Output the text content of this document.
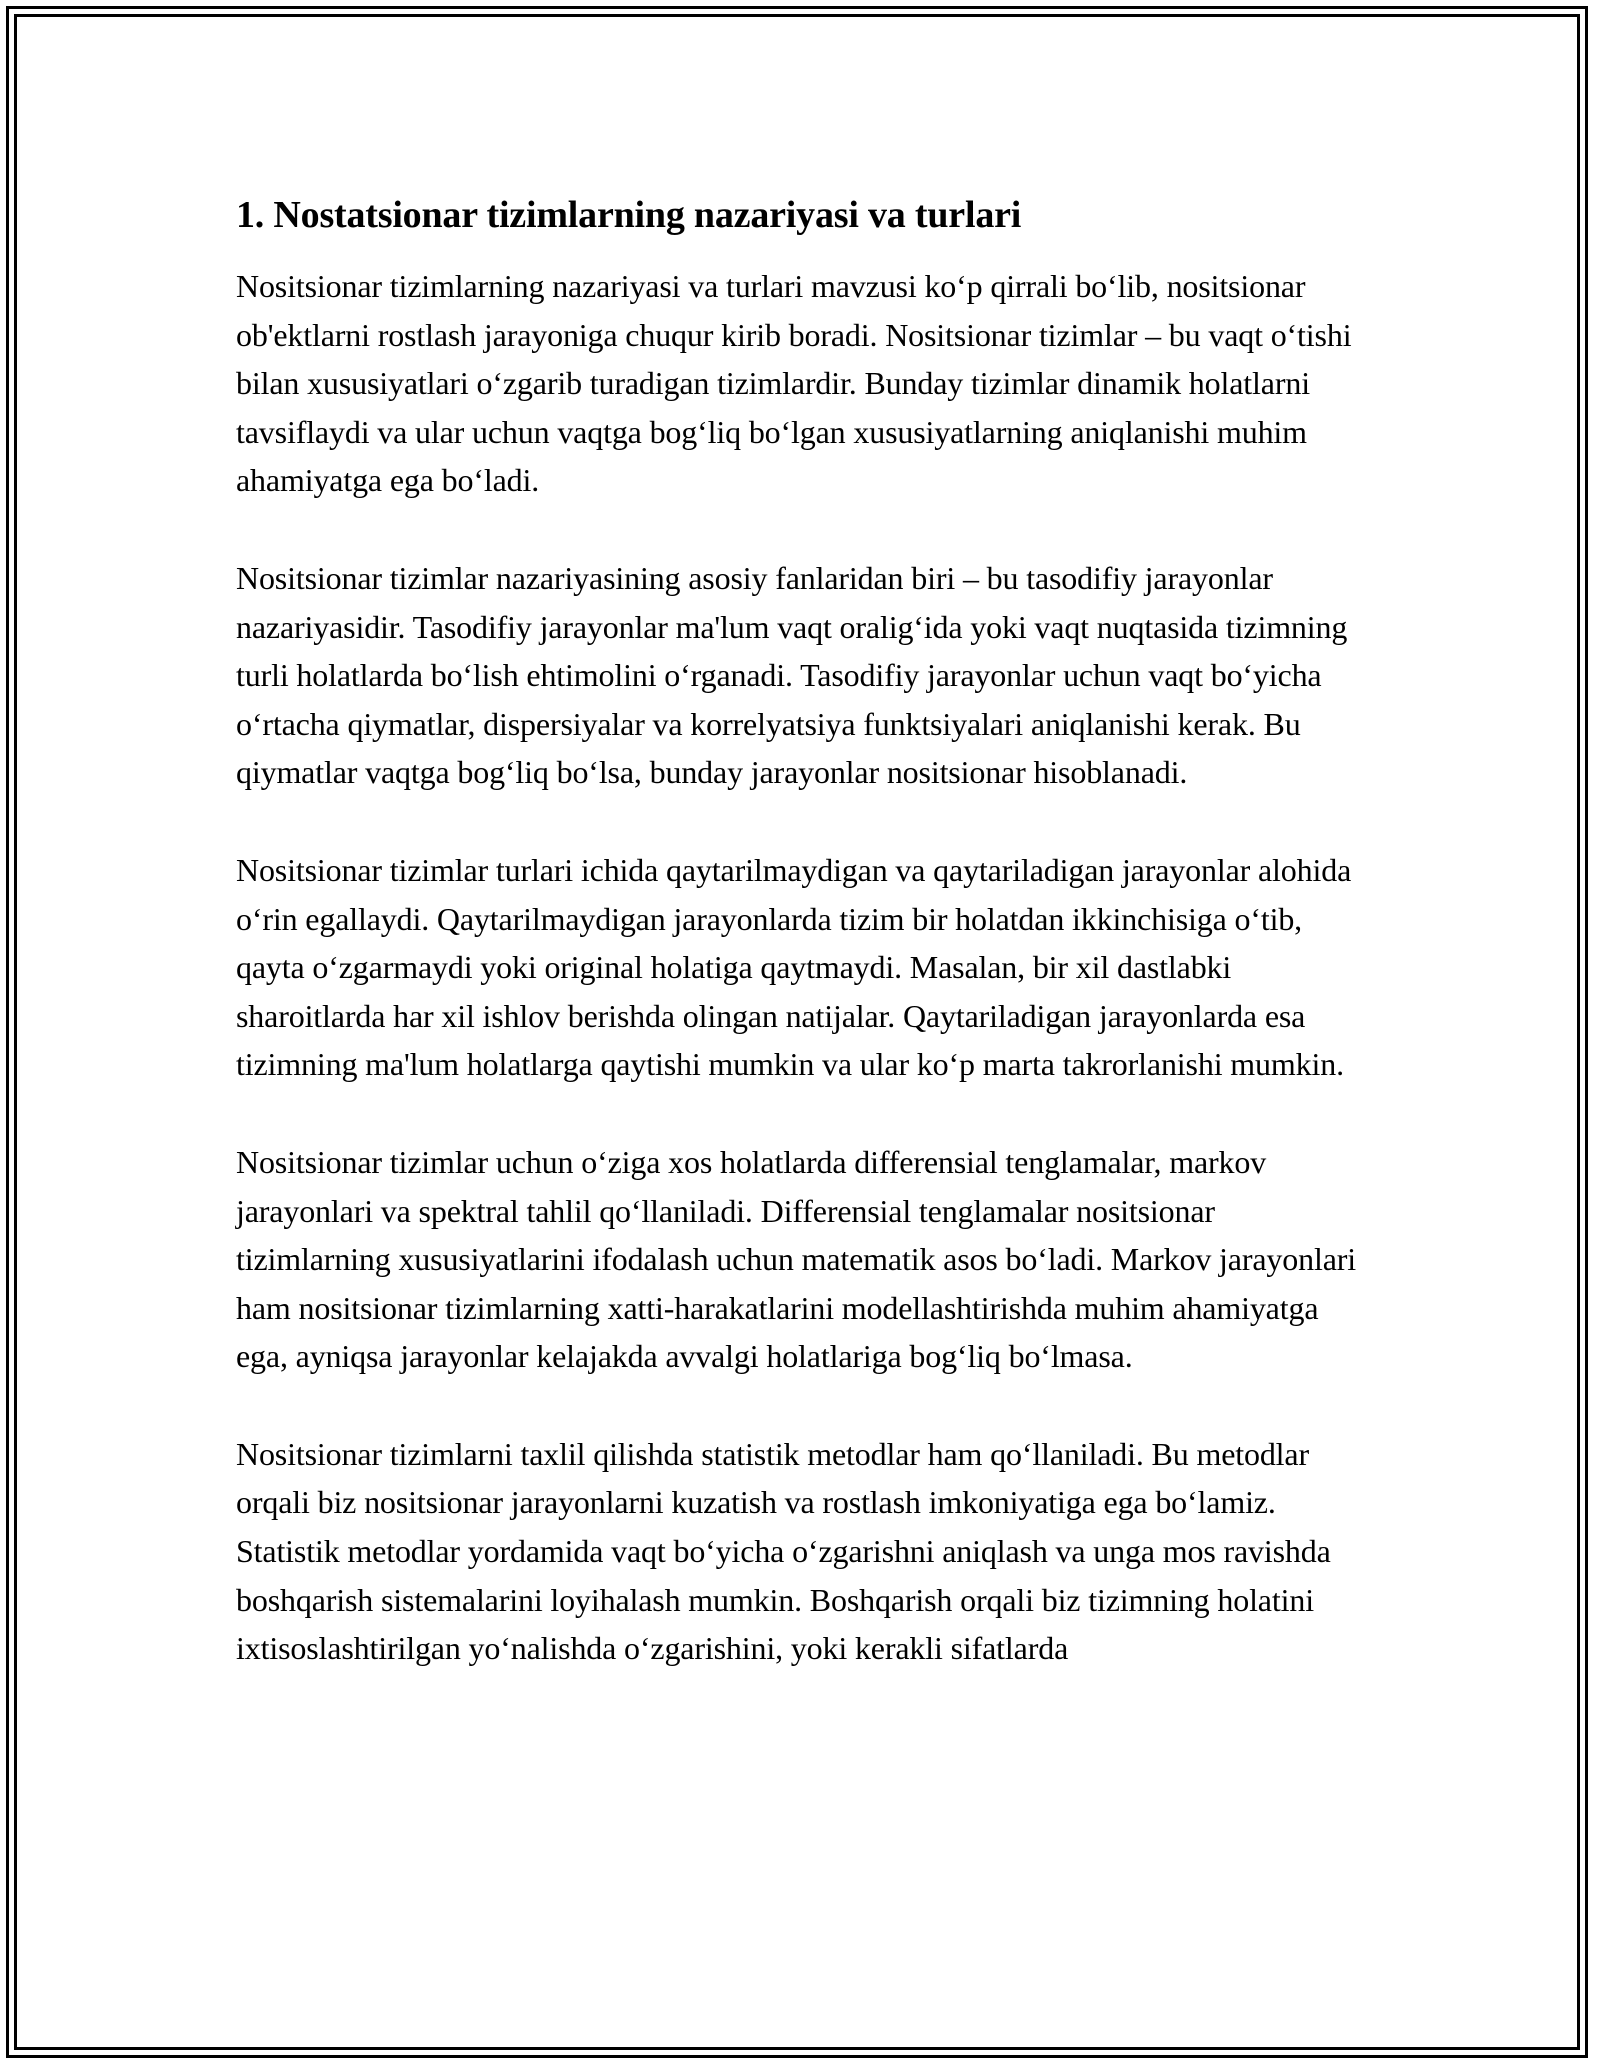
1. Nostatsionar tizimlarning nazariyasi va turlari

Nositsionar tizimlarning nazariyasi va turlari mavzusi ko‘p qirrali bo‘lib, nositsionar ob'ektlarni rostlash jarayoniga chuqur kirib boradi. Nositsionar tizimlar – bu vaqt o‘tishi bilan xususiyatlari o‘zgarib turadigan tizimlardir. Bunday tizimlar dinamik holatlarni tavsiflaydi va ular uchun vaqtga bog‘liq bo‘lgan xususiyatlarning aniqlanishi muhim ahamiyatga ega bo‘ladi.

Nositsionar tizimlar nazariyasining asosiy fanlaridan biri – bu tasodifiy jarayonlar nazariyasidir. Tasodifiy jarayonlar ma'lum vaqt oralig‘ida yoki vaqt nuqtasida tizimning turli holatlarda bo‘lish ehtimolini o‘rganadi. Tasodifiy jarayonlar uchun vaqt bo‘yicha o‘rtacha qiymatlar, dispersiyalar va korrelyatsiya funktsiyalari aniqlanishi kerak. Bu qiymatlar vaqtga bog‘liq bo‘lsa, bunday jarayonlar nositsionar hisoblanadi.

Nositsionar tizimlar turlari ichida qaytarilmaydigan va qaytariladigan jarayonlar alohida o‘rin egallaydi. Qaytarilmaydigan jarayonlarda tizim bir holatdan ikkinchisiga o‘tib, qayta o‘zgarmaydi yoki original holatiga qaytmaydi. Masalan, bir xil dastlabki sharoitlarda har xil ishlov berishda olingan natijalar. Qaytariladigan jarayonlarda esa tizimning ma'lum holatlarga qaytishi mumkin va ular ko‘p marta takrorlanishi mumkin.

Nositsionar tizimlar uchun o‘ziga xos holatlarda differensial tenglamalar, markov jarayonlari va spektral tahlil qo‘llaniladi. Differensial tenglamalar nositsionar tizimlarning xususiyatlarini ifodalash uchun matematik asos bo‘ladi. Markov jarayonlari ham nositsionar tizimlarning xatti-harakatlarini modellashtirishda muhim ahamiyatga ega, ayniqsa jarayonlar kelajakda avvalgi holatlariga bog‘liq bo‘lmasa.

Nositsionar tizimlarni taxlil qilishda statistik metodlar ham qo‘llaniladi. Bu metodlar orqali biz nositsionar jarayonlarni kuzatish va rostlash imkoniyatiga ega bo‘lamiz. Statistik metodlar yordamida vaqt bo‘yicha o‘zgarishni aniqlash va unga mos ravishda boshqarish sistemalarini loyihalash mumkin. Boshqarish orqali biz tizimning holatini ixtisoslashtirilgan yo‘nalishda o‘zgarishini, yoki kerakli sifatlarda
